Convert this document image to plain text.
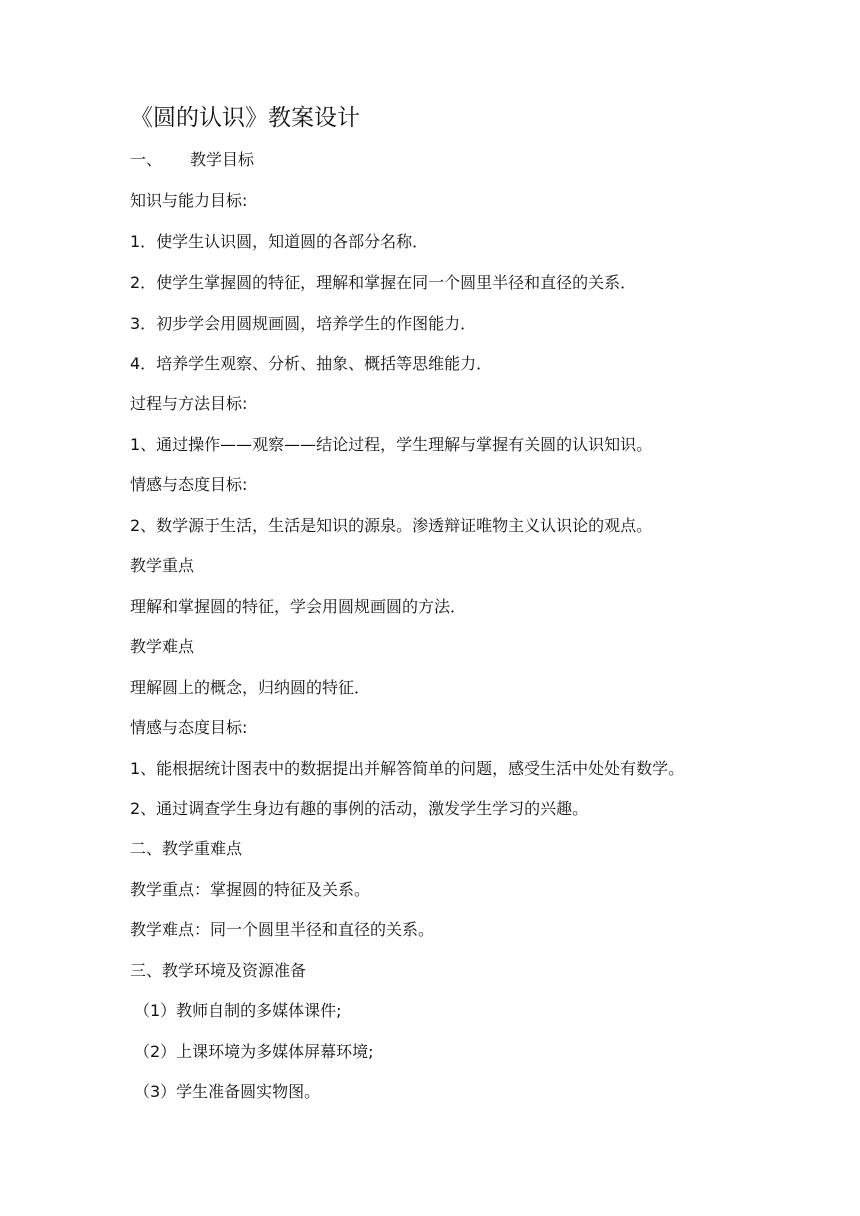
《圆的认识》教案设计
一、 教学目标
知识与能力目标:
1．使学生认识圆，知道圆的各部分名称．
2．使学生掌握圆的特征，理解和掌握在同一个圆里半径和直径的关系．
3．初步学会用圆规画圆，培养学生的作图能力．
4．培养学生观察、分析、抽象、概括等思维能力．
过程与方法目标:
1、通过操作——观察——结论过程，学生理解与掌握有关圆的认识知识。
情感与态度目标:
2、数学源于生活，生活是知识的源泉。渗透辩证唯物主义认识论的观点。
教学重点
理解和掌握圆的特征，学会用圆规画圆的方法．
教学难点
理解圆上的概念，归纳圆的特征．
情感与态度目标:
1、能根据统计图表中的数据提出并解答简单的问题，感受生活中处处有数学。
2、通过调查学生身边有趣的事例的活动，激发学生学习的兴趣。
二、教学重难点
教学重点：掌握圆的特征及关系。
教学难点：同一个圆里半径和直径的关系。
三、教学环境及资源准备
（1）教师自制的多媒体课件;
（2）上课环境为多媒体屏幕环境;
（3）学生准备圆实物图。
